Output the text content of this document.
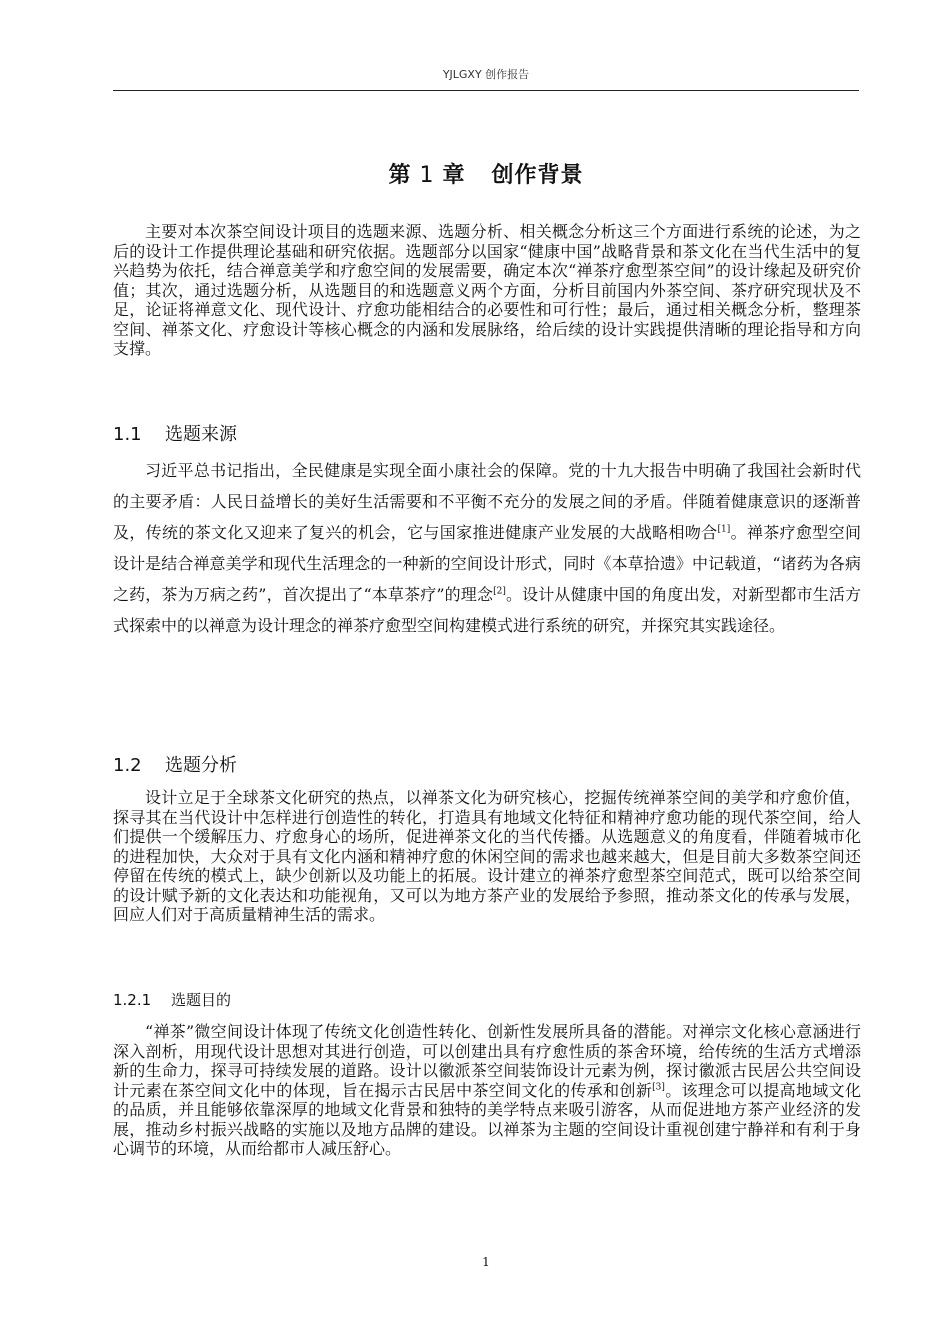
YJLGXY 创作报告
第 1 章 创作背景

主要对本次茶空间设计项目的选题来源、选题分析、相关概念分析这三个方面进行系统的论述，为之后的设计工作提供理论基础和研究依据。选题部分以国家“健康中国”战略背景和茶文化在当代生活中的复兴趋势为依托，结合禅意美学和疗愈空间的发展需要，确定本次“禅茶疗愈型茶空间”的设计缘起及研究价值；其次，通过选题分析，从选题目的和选题意义两个方面，分析目前国内外茶空间、茶疗研究现状及不足，论证将禅意文化、现代设计、疗愈功能相结合的必要性和可行性；最后，通过相关概念分析，整理茶空间、禅茶文化、疗愈设计等核心概念的内涵和发展脉络，给后续的设计实践提供清晰的理论指导和方向支撑。

1.1 选题来源

习近平总书记指出，全民健康是实现全面小康社会的保障。党的十九大报告中明确了我国社会新时代的主要矛盾：人民日益增长的美好生活需要和不平衡不充分的发展之间的矛盾。伴随着健康意识的逐渐普及，传统的茶文化又迎来了复兴的机会，它与国家推进健康产业发展的大战略相吻合[1]。禅茶疗愈型空间设计是结合禅意美学和现代生活理念的一种新的空间设计形式，同时《本草拾遗》中记载道，“诸药为各病之药，茶为万病之药”，首次提出了“本草茶疗”的理念[2]。设计从健康中国的角度出发，对新型都市生活方式探索中的以禅意为设计理念的禅茶疗愈型空间构建模式进行系统的研究，并探究其实践途径。

1.2 选题分析

设计立足于全球茶文化研究的热点，以禅茶文化为研究核心，挖掘传统禅茶空间的美学和疗愈价值，探寻其在当代设计中怎样进行创造性的转化，打造具有地域文化特征和精神疗愈功能的现代茶空间，给人们提供一个缓解压力、疗愈身心的场所，促进禅茶文化的当代传播。从选题意义的角度看，伴随着城市化的进程加快，大众对于具有文化内涵和精神疗愈的休闲空间的需求也越来越大，但是目前大多数茶空间还停留在传统的模式上，缺少创新以及功能上的拓展。设计建立的禅茶疗愈型茶空间范式，既可以给茶空间的设计赋予新的文化表达和功能视角，又可以为地方茶产业的发展给予参照，推动茶文化的传承与发展，回应人们对于高质量精神生活的需求。

1.2.1 选题目的

“禅茶”微空间设计体现了传统文化创造性转化、创新性发展所具备的潜能。对禅宗文化核心意涵进行深入剖析，用现代设计思想对其进行创造，可以创建出具有疗愈性质的茶舍环境，给传统的生活方式增添新的生命力，探寻可持续发展的道路。设计以徽派茶空间装饰设计元素为例，探讨徽派古民居公共空间设计元素在茶空间文化中的体现，旨在揭示古民居中茶空间文化的传承和创新[3]。该理念可以提高地域文化的品质，并且能够依靠深厚的地域文化背景和独特的美学特点来吸引游客，从而促进地方茶产业经济的发展，推动乡村振兴战略的实施以及地方品牌的建设。以禅茶为主题的空间设计重视创建宁静祥和有利于身心调节的环境，从而给都市人减压舒心。

1
